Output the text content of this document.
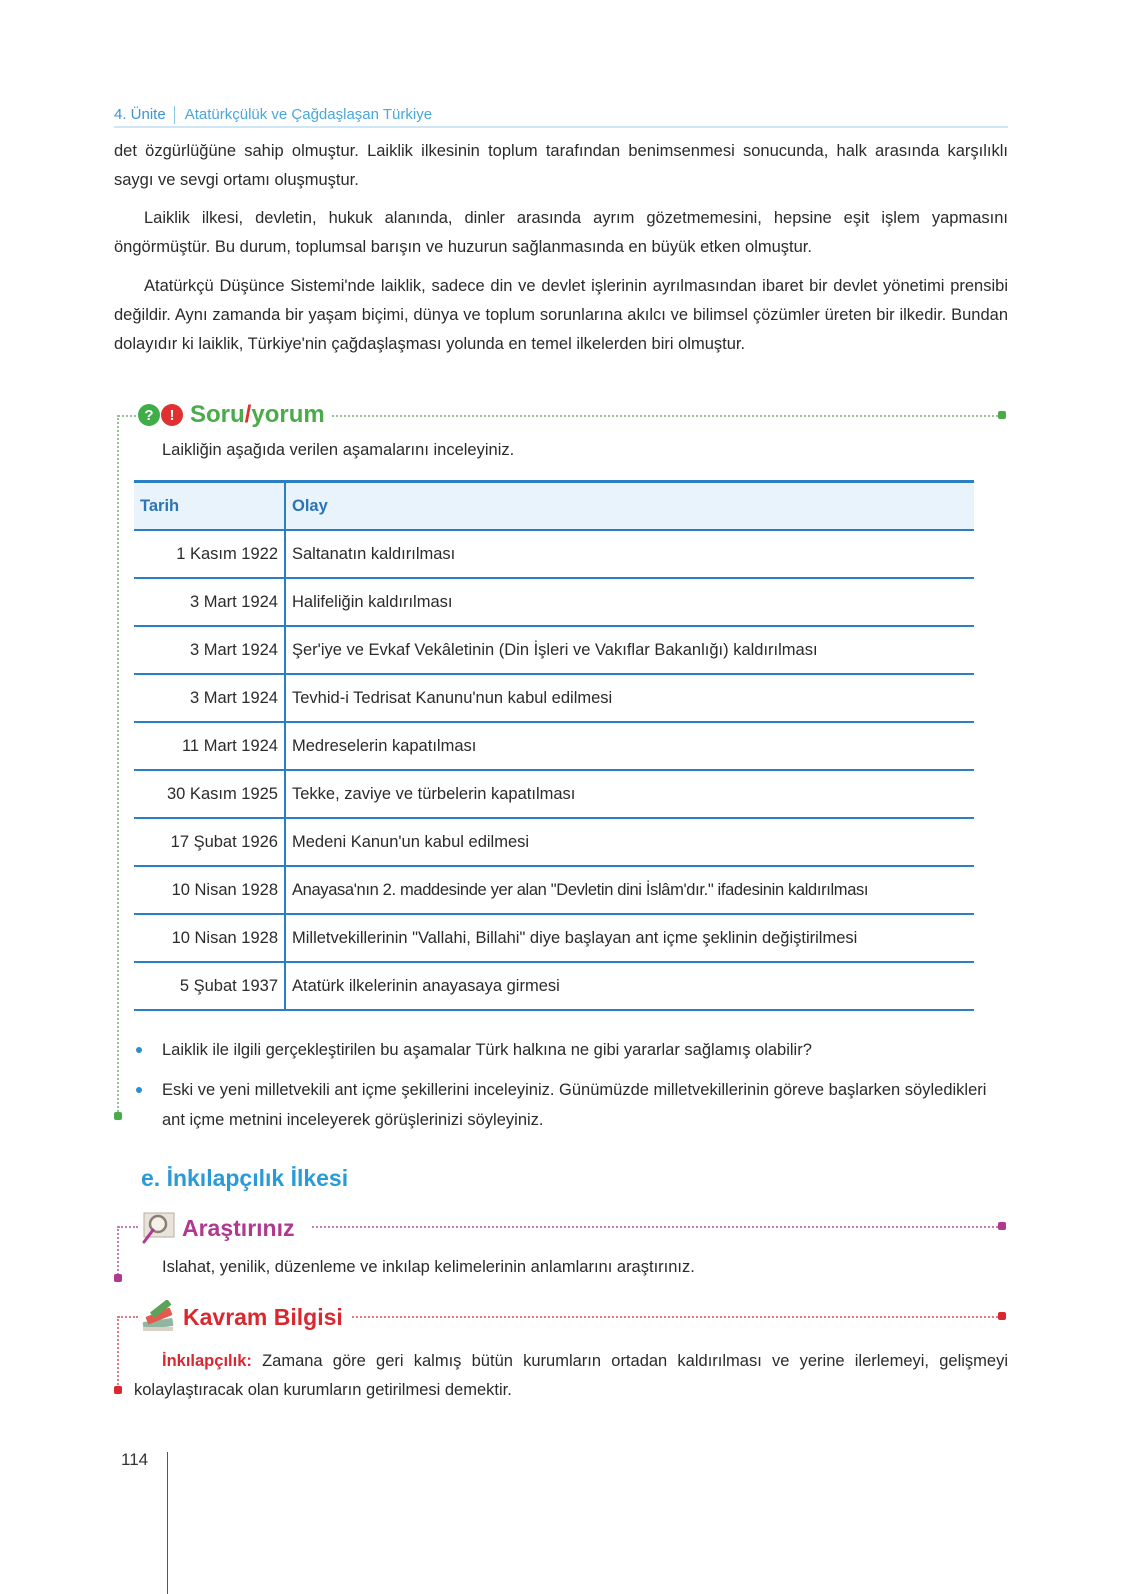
4. Ünite Atatürkçülük ve Çağdaşlaşan Türkiye
det özgürlüğüne sahip olmuştur. Laiklik ilkesinin toplum tarafından benimsenmesi sonucunda, halk arasında karşılıklı saygı ve sevgi ortamı oluşmuştur.
Laiklik ilkesi, devletin, hukuk alanında, dinler arasında ayrım gözetmemesini, hepsine eşit işlem yapmasını öngörmüştür. Bu durum, toplumsal barışın ve huzurun sağlanmasında en büyük etken olmuştur.
Atatürkçü Düşünce Sistemi'nde laiklik, sadece din ve devlet işlerinin ayrılmasından ibaret bir devlet yönetimi prensibi değildir. Aynı zamanda bir yaşam biçimi, dünya ve toplum sorunlarına akılcı ve bilimsel çözümler üreten bir ilkedir. Bundan dolayıdır ki laiklik, Türkiye'nin çağdaşlaşması yolunda en temel ilkelerden biri olmuştur.
?	! Soru/yorum
Laikliğin aşağıda verilen aşamalarını inceleyiniz.
Tarih	Olay
1 Kasım 1922	Saltanatın kaldırılması
3 Mart 1924	Halifeliğin kaldırılması
3 Mart 1924	Şer'iye ve Evkaf Vekâletinin (Din İşleri ve Vakıflar Bakanlığı) kaldırılması
3 Mart 1924	Tevhid-i Tedrisat Kanunu'nun kabul edilmesi
11 Mart 1924	Medreselerin kapatılması
30 Kasım 1925	Tekke, zaviye ve türbelerin kapatılması
17 Şubat 1926	Medeni Kanun'un kabul edilmesi
10 Nisan 1928	Anayasa'nın 2. maddesinde yer alan "Devletin dini İslâm'dır." ifadesinin kaldırılması
10 Nisan 1928	Milletvekillerinin "Vallahi, Billahi" diye başlayan ant içme şeklinin değiştirilmesi
5 Şubat 1937	Atatürk ilkelerinin anayasaya girmesi
Laiklik ile ilgili gerçekleştirilen bu aşamalar Türk halkına ne gibi yararlar sağlamış olabilir?
Eski ve yeni milletvekili ant içme şekillerini inceleyiniz. Günümüzde milletvekillerinin göreve başlarken söyledikleri ant içme metnini inceleyerek görüşlerinizi söyleyiniz.
e. İnkılapçılık İlkesi
Araştırınız
Islahat, yenilik, düzenleme ve inkılap kelimelerinin anlamlarını araştırınız.
Kavram Bilgisi
İnkılapçılık: Zamana göre geri kalmış bütün kurumların ortadan kaldırılması ve yerine ilerlemeyi, gelişmeyi kolaylaştıracak olan kurumların getirilmesi demektir.
114
